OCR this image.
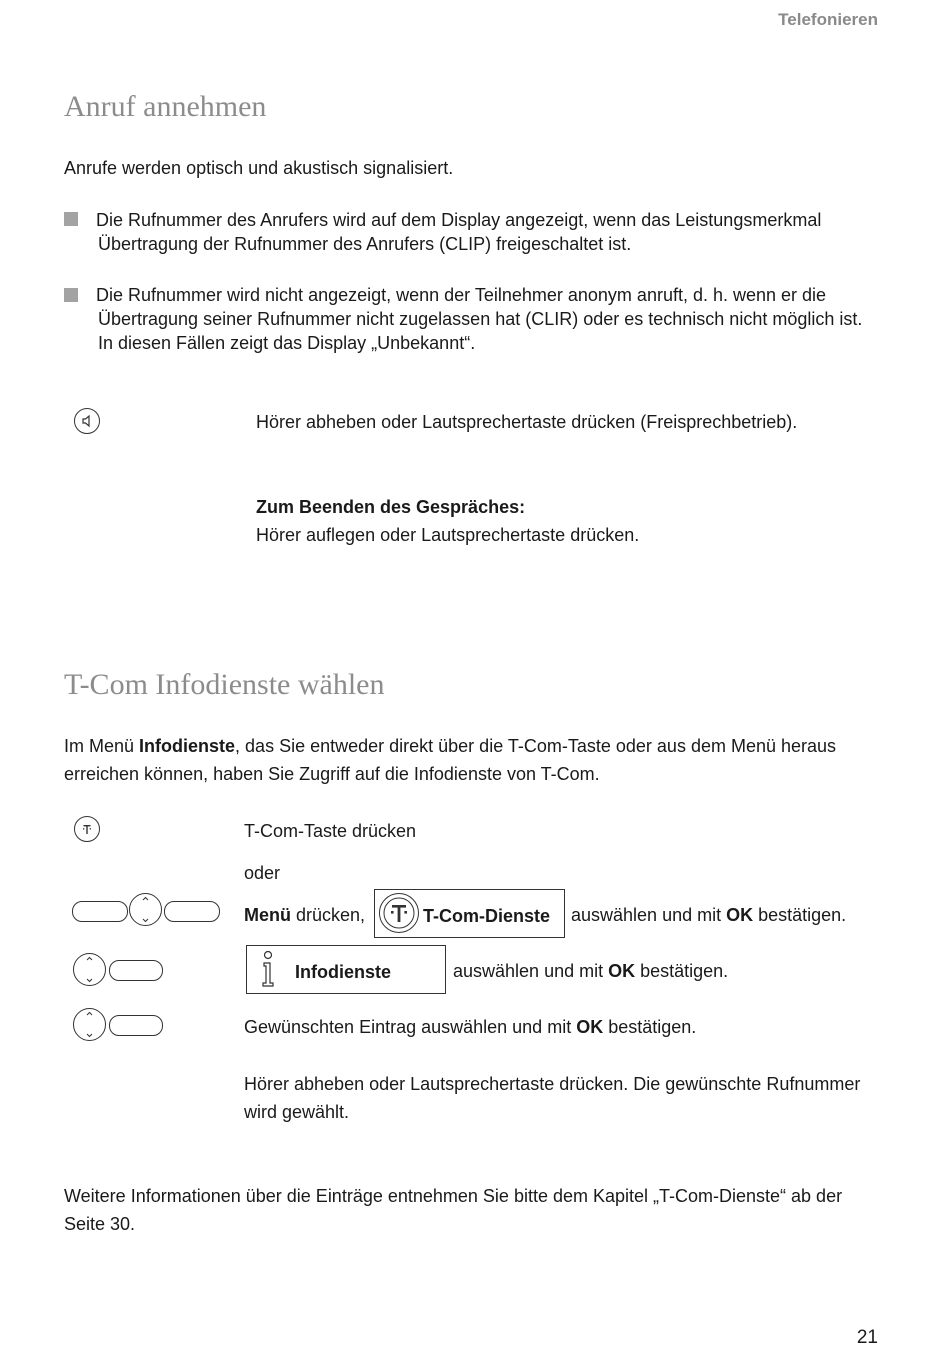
Telefonieren
Anruf annehmen
Anrufe werden optisch und akustisch signalisiert.
Die Rufnummer des Anrufers wird auf dem Display angezeigt, wenn das Leistungsmerkmal
Übertragung der Rufnummer des Anrufers (CLIP) freigeschaltet ist.
Die Rufnummer wird nicht angezeigt, wenn der Teilnehmer anonym anruft, d. h. wenn er die
Übertragung seiner Rufnummer nicht zugelassen hat (CLIR) oder es technisch nicht möglich ist.
In diesen Fällen zeigt das Display „Unbekannt“.
Hörer abheben oder Lautsprechertaste drücken (Freisprechbetrieb).
Zum Beenden des Gespräches:
Hörer auflegen oder Lautsprechertaste drücken.
T-Com Infodienste wählen
Im Menü Infodienste, das Sie entweder direkt über die T-Com-Taste oder aus dem Menü heraus
erreichen können, haben Sie Zugriff auf die Infodienste von T-Com.
T-Com-Taste drücken
oder
Menü drücken,	T-Com-Dienste auswählen und mit OK bestätigen.
Infodienste	auswählen und mit OK bestätigen.
Gewünschten Eintrag auswählen und mit OK bestätigen.
Hörer abheben oder Lautsprechertaste drücken. Die gewünschte Rufnummer
wird gewählt.
Weitere Informationen über die Einträge entnehmen Sie bitte dem Kapitel „T-Com-Dienste“ ab der
Seite 30.
21
